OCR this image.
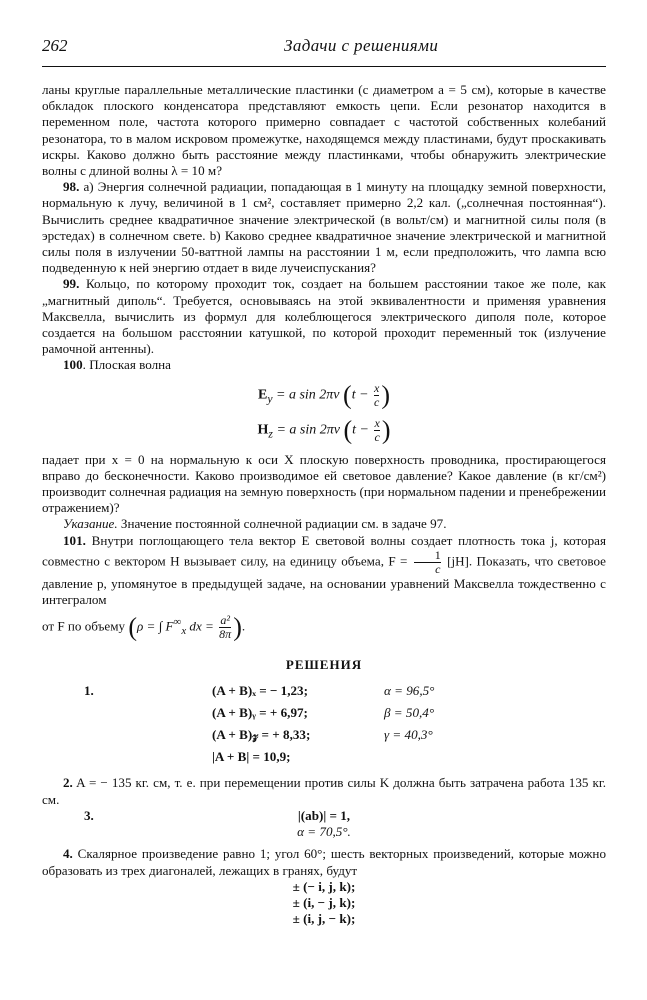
262	Задачи с решениями

ланы круглые параллельные металлические пластинки (с диаметром a = 5 см), которые в качестве обкладок плоского конденсатора представляют емкость цепи. Если резонатор находится в переменном поле, частота которого примерно совпадает с частотой собственных колебаний резонатора, то в малом искровом промежутке, находящемся между пластинами, будут проскакивать искры. Каково должно быть расстояние между пластинками, чтобы обнаружить электрические волны с длиной волны λ = 10 м?

98. а) Энергия солнечной радиации, попадающая в 1 минуту на площадку земной поверхности, нормальную к лучу, величиной в 1 см², составляет примерно 2,2 кал. („солнечная постоянная“). Вычислить среднее квадратичное значение электрической (в вольт/см) и магнитной силы поля (в эрстедах) в солнечном свете. b) Каково среднее квадратичное значение электрической и магнитной силы поля в излучении 50-ваттной лампы на расстоянии 1 м, если предположить, что лампа всю подведенную к ней энергию отдает в виде лучеиспускания?

99. Кольцо, по которому проходит ток, создает на большем расстоянии такое же поле, как „магнитный диполь“. Требуется, основываясь на этой эквивалентности и применяя уравнения Максвелла, вычислить из формул для колеблющегося электрического диполя поле, которое создается на большом расстоянии катушкой, по которой проходит переменный ток (излучение рамочной антенны).

100. Плоская волна

$E_y = a$ sin 2πν ($t - \frac{x}{c}$ )
$H_z = a$ sin 2πν ($t - \frac{x}{c}$ )

падает при x = 0 на нормальную к оси X плоскую поверхность проводника, простирающегося вправо до бесконечности. Каково производимое ей световое давление? Какое давление (в кг/см²) производит солнечная радиация на земную поверхность (при нормальном падении и пренебрежении отражением)?

Указание. Значение постоянной солнечной радиации см. в задаче 97.

101. Внутри поглощающего тела вектор E световой волны создает плотность тока j, которая совместно с вектором H вызывает силу, на единицу объема, $F = \frac{1}{c} [jH]$. Показать, что световое давление p, упомянутое в предыдущей задаче, на основании уравнений Максвелла тождественно с интегралом

от F по объему (ρ = ∫ $F^\infty_x$ dx = $\frac{\text{a²}}{8\pi}$ ).

РЕШЕНИЯ
1.	(A + B)ₓ = − 1,23;	α = 96,5°
(A + B)ᵧ = + 6,97;	β = 50,4°
(A + B)𝓏 = + 8,33;	γ = 40,3°
|A + B| = 10,9;

2. A = − 135 кг. см, т. е. при перемещении против силы K должна быть затрачена работа 135 кг. см.

3.	|(ab)| = 1,
α = 70,5°.

4. Скалярное произведение равно 1; угол 60°; шесть векторных произведений, которые можно образовать из трех диагоналей, лежащих в гранях, будут

± (− i, j, k);
± (i, − j, k);
± (i, j, − k);
